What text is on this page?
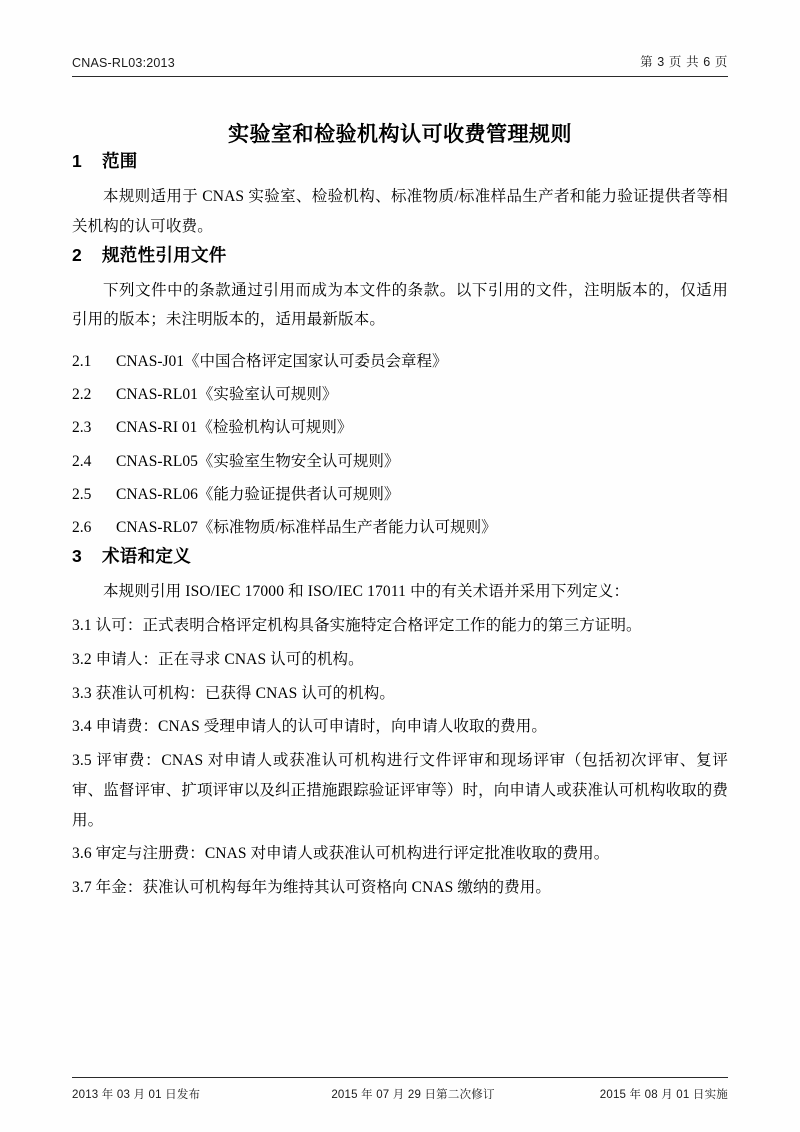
CNAS-RL03:2013	第 3 页 共 6 页
实验室和检验机构认可收费管理规则
1 范围

本规则适用于 CNAS 实验室、检验机构、标准物质/标准样品生产者和能力验证提供者等相关机构的认可收费。

2 规范性引用文件

下列文件中的条款通过引用而成为本文件的条款。以下引用的文件，注明版本的，仅适用引用的版本；未注明版本的，适用最新版本。

2.1	CNAS-J01《中国合格评定国家认可委员会章程》
2.2	CNAS-RL01《实验室认可规则》
2.3	CNAS-RI 01《检验机构认可规则》
2.4	CNAS-RL05《实验室生物安全认可规则》
2.5	CNAS-RL06《能力验证提供者认可规则》
2.6	CNAS-RL07《标准物质/标准样品生产者能力认可规则》
3 术语和定义

本规则引用 ISO/IEC 17000 和 ISO/IEC 17011 中的有关术语并采用下列定义：

3.1 认可：正式表明合格评定机构具备实施特定合格评定工作的能力的第三方证明。

3.2 申请人：正在寻求 CNAS 认可的机构。

3.3 获准认可机构：已获得 CNAS 认可的机构。

3.4 申请费：CNAS 受理申请人的认可申请时，向申请人收取的费用。

3.5 评审费：CNAS 对申请人或获准认可机构进行文件评审和现场评审（包括初次评审、复评审、监督评审、扩项评审以及纠正措施跟踪验证评审等）时，向申请人或获准认可机构收取的费用。

3.6 审定与注册费：CNAS 对申请人或获准认可机构进行评定批准收取的费用。

3.7 年金：获准认可机构每年为维持其认可资格向 CNAS 缴纳的费用。

2013 年 03 月 01 日发布	2015 年 07 月 29 日第二次修订	2015 年 08 月 01 日实施
